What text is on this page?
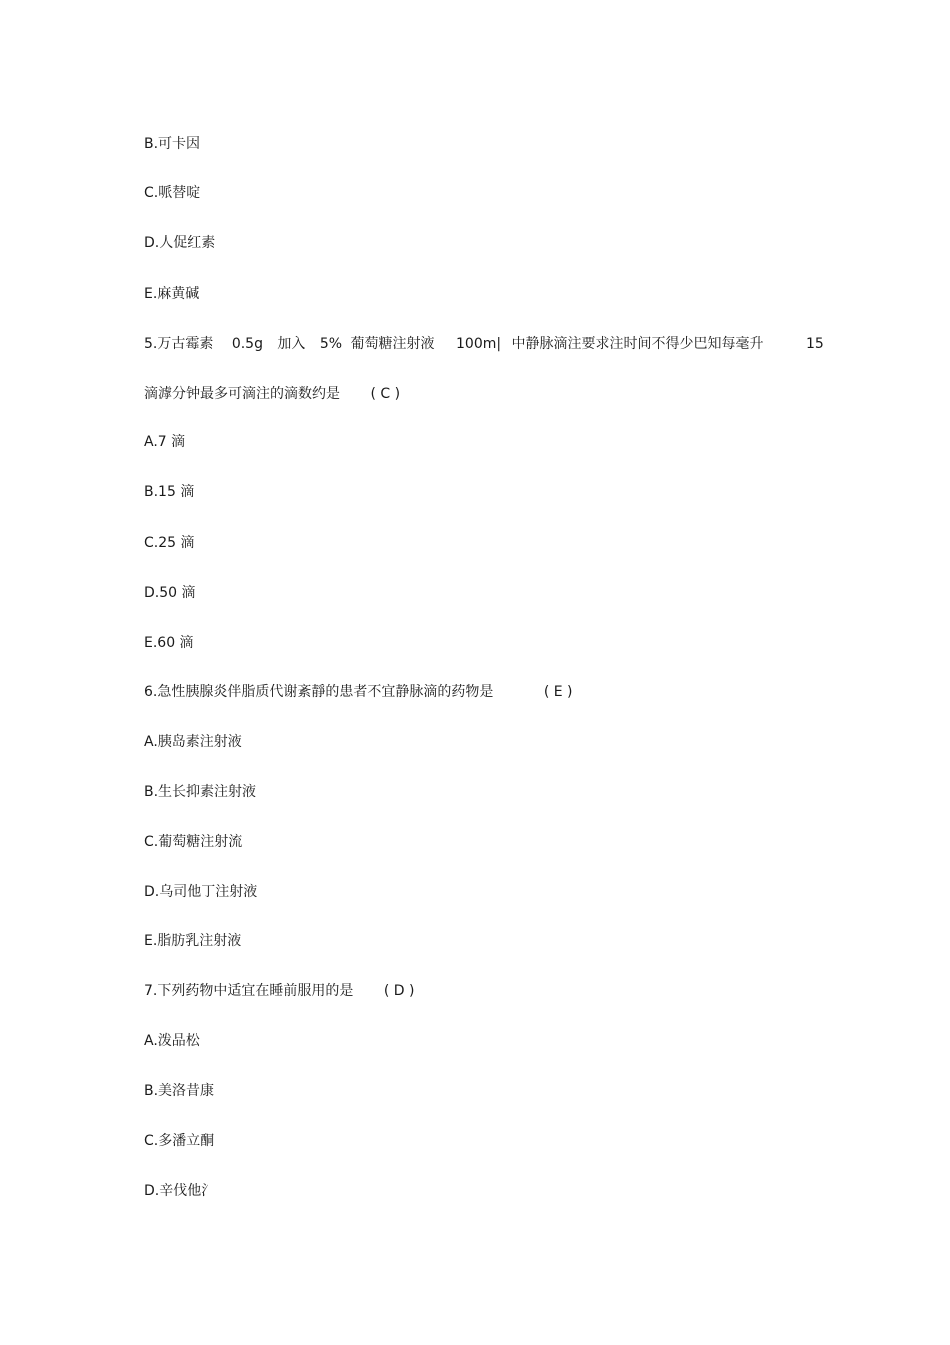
B.可卡因

C.哌替啶

D.人促红素

E.麻黄碱

5.万古霉素 0.5g 加入 5% 葡萄糖注射液 100m| 中静脉滴注要求注时间不得少巴知每毫升	15
滴滹分钟最多可滴注的滴数约是 ( C )

A.7 滴

B.15 滴

C.25 滴

D.50 滴

E.60 滴

6.急性胰腺炎伴脂质代谢紊靜的患者不宜静脉滴的药物是	( E )

A.胰岛素注射液

B.生长抑素注射液

C.葡萄糖注射流

D.乌司他丁注射液

E.脂肪乳注射液

7.下列药物中适宜在睡前服用的是 ( D )

A.泼品松

B.美洛昔康

C.多潘立酮

D.辛伐他氵
